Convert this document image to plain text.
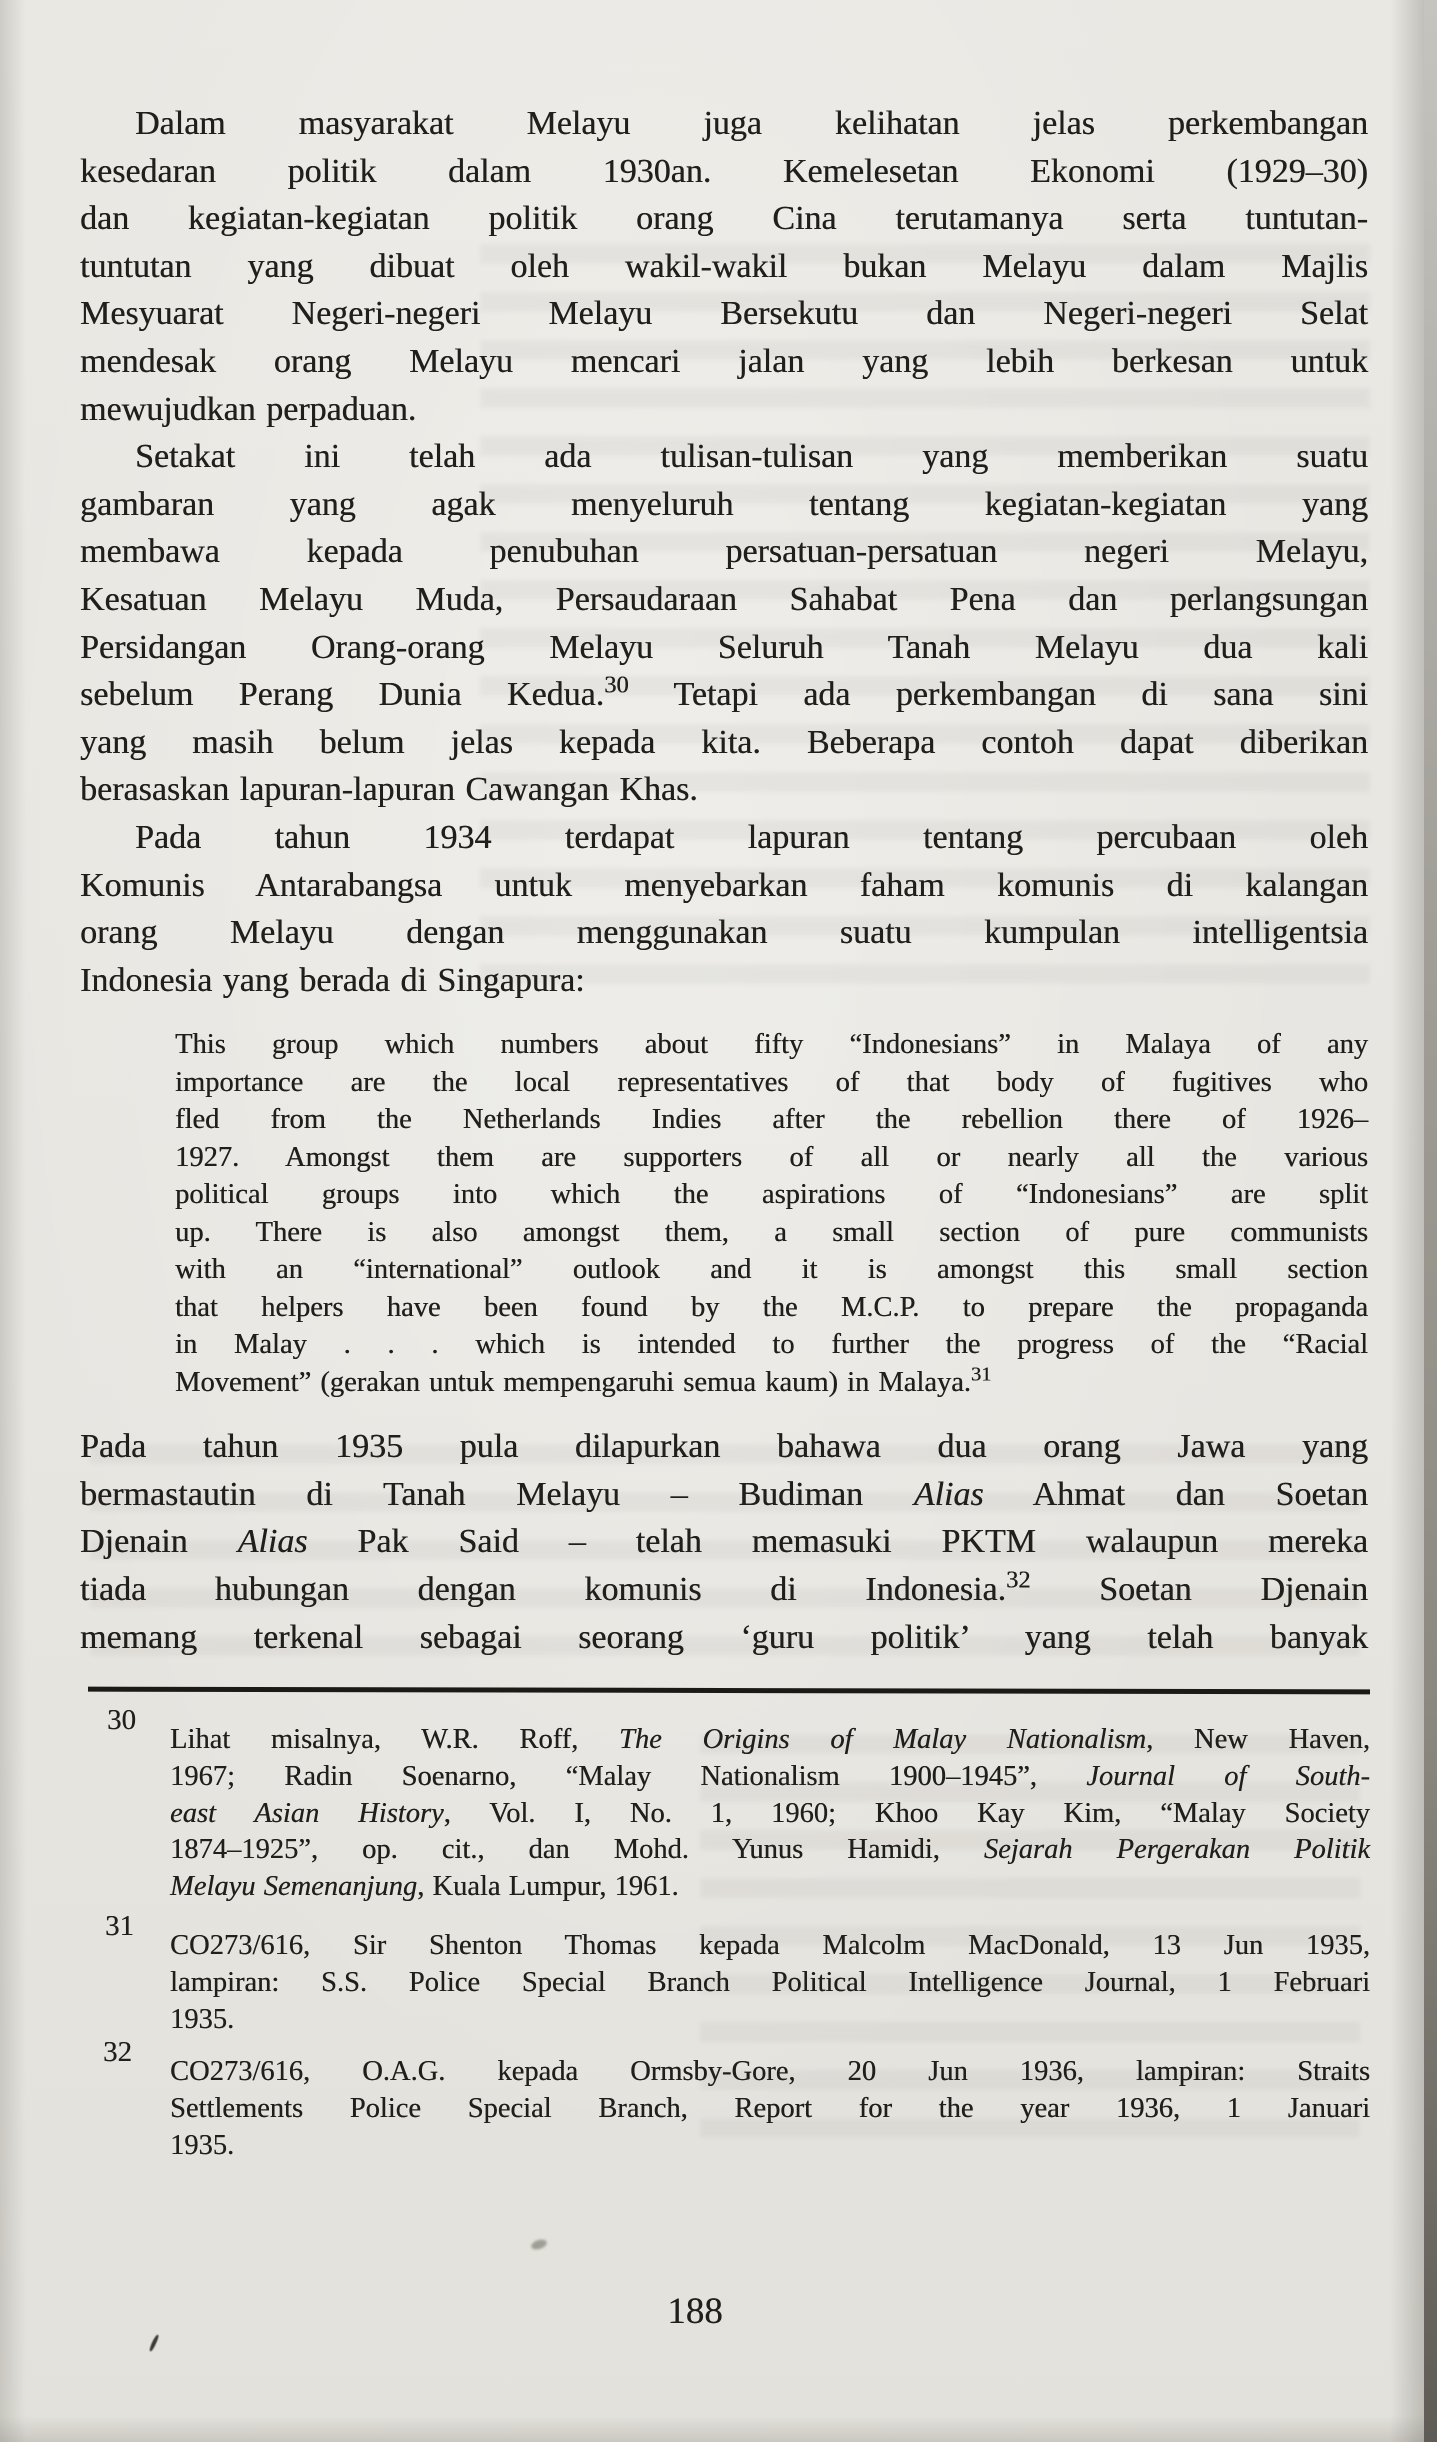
Dalam masyarakat Melayu juga kelihatan jelas perkembangan
kesedaran politik dalam 1930an. Kemelesetan Ekonomi (1929–30)
dan kegiatan-kegiatan politik orang Cina terutamanya serta tuntutan-
tuntutan yang dibuat oleh wakil-wakil bukan Melayu dalam Majlis
Mesyuarat Negeri-negeri Melayu Bersekutu dan Negeri-negeri Selat
mendesak orang Melayu mencari jalan yang lebih berkesan untuk
mewujudkan perpaduan.
Setakat ini telah ada tulisan-tulisan yang memberikan suatu
gambaran yang agak menyeluruh tentang kegiatan-kegiatan yang
membawa kepada penubuhan persatuan-persatuan negeri Melayu,
Kesatuan Melayu Muda, Persaudaraan Sahabat Pena dan perlangsungan
Persidangan Orang-orang Melayu Seluruh Tanah Melayu dua kali
sebelum Perang Dunia Kedua.$^{30}$ Tetapi ada perkembangan di sana sini
yang masih belum jelas kepada kita. Beberapa contoh dapat diberikan
berasaskan lapuran-lapuran Cawangan Khas.
Pada tahun 1934 terdapat lapuran tentang percubaan oleh
Komunis Antarabangsa untuk menyebarkan faham komunis di kalangan
orang Melayu dengan menggunakan suatu kumpulan intelligentsia
Indonesia yang berada di Singapura:
This group which numbers about fifty “Indonesians” in Malaya of any
importance are the local representatives of that body of fugitives who
fled from the Netherlands Indies after the rebellion there of 1926–
1927. Amongst them are supporters of all or nearly all the various
political groups into which the aspirations of “Indonesians” are split
up. There is also amongst them, a small section of pure communists
with an “international” outlook and it is amongst this small section
that helpers have been found by the M.C.P. to prepare the propaganda
in Malay . . . which is intended to further the progress of the “Racial
Movement” (gerakan untuk mempengaruhi semua kaum) in Malaya.$^{31}$
Pada tahun 1935 pula dilapurkan bahawa dua orang Jawa yang
bermastautin di Tanah Melayu – Budiman Alias Ahmat dan Soetan
Djenain Alias Pak Said – telah memasuki PKTM walaupun mereka
tiada hubungan dengan komunis di Indonesia.$^{32}$ Soetan Djenain
memang terkenal sebagai seorang ‘guru politik’ yang telah banyak
30
Lihat misalnya, W.R. Roff, The Origins of Malay Nationalism, New Haven,
1967; Radin Soenarno, “Malay Nationalism 1900–1945”, Journal of South-
east Asian History, Vol. I, No. 1, 1960; Khoo Kay Kim, “Malay Society
1874–1925”, op. cit., dan Mohd. Yunus Hamidi, Sejarah Pergerakan Politik
Melayu Semenanjung, Kuala Lumpur, 1961.
31
CO273/616, Sir Shenton Thomas kepada Malcolm MacDonald, 13 Jun 1935,
lampiran: S.S. Police Special Branch Political Intelligence Journal, 1 Februari
1935.
32
CO273/616, O.A.G. kepada Ormsby-Gore, 20 Jun 1936, lampiran: Straits
Settlements Police Special Branch, Report for the year 1936, 1 Januari
1935.
188
